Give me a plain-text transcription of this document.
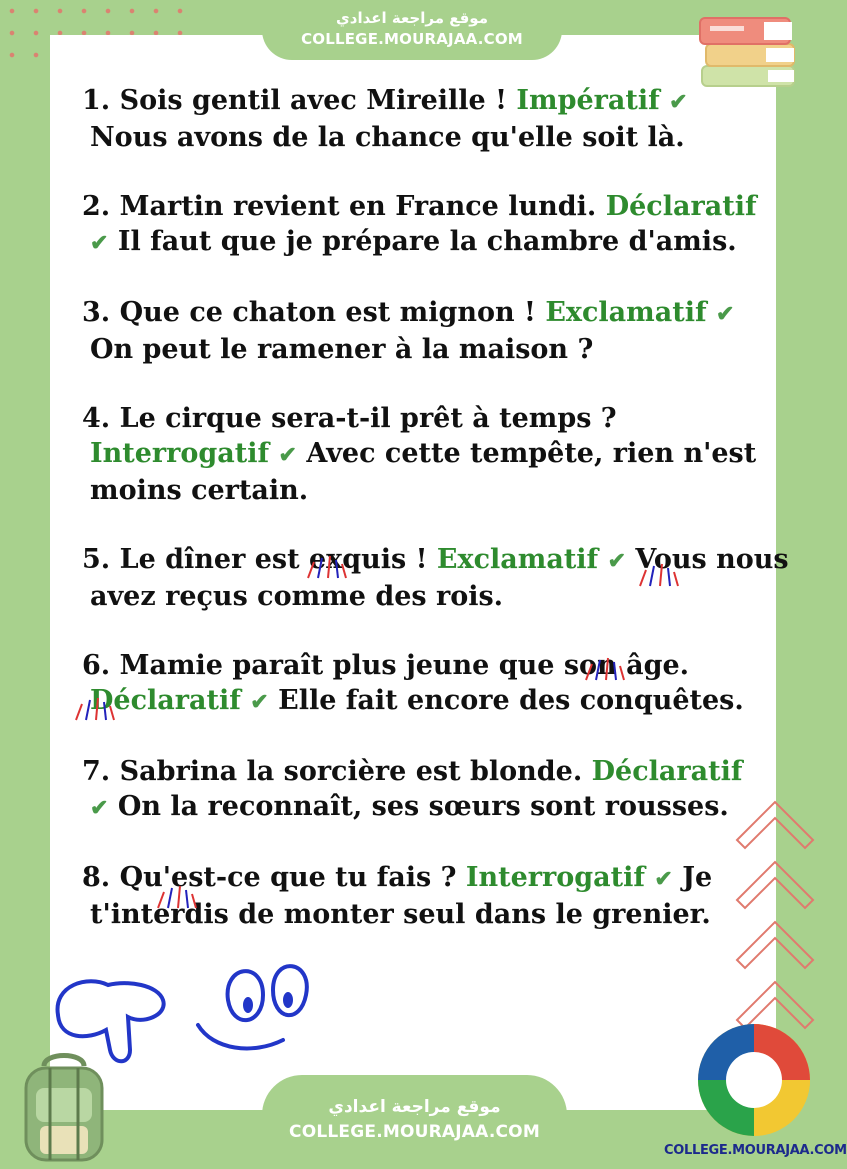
1. Sois gentil avec Mireille ! Impératif ✔
Nous avons de la chance qu'elle soit là.

2. Martin revient en France lundi. Déclaratif
✔ Il faut que je prépare la chambre d'amis.

3. Que ce chaton est mignon ! Exclamatif ✔
On peut le ramener à la maison ?

4. Le cirque sera-t-il prêt à temps ?
Interrogatif ✔ Avec cette tempête, rien n'est moins certain.

5. Le dîner est exquis ! Exclamatif ✔ Vous nous avez reçus comme des rois.

6. Mamie paraît plus jeune que son âge.
Déclaratif ✔ Elle fait encore des conquêtes.

7. Sabrina la sorcière est blonde. Déclaratif
✔ On la reconnaît, ses sœurs sont rousses.

8. Qu'est-ce que tu fais ? Interrogatif ✔ Je t'interdis de monter seul dans le grenier.

موقع مراجعة اعدادي
COLLEGE.MOURAJAA.COM
موقع مراجعة اعدادي
COLLEGE.MOURAJAA.COM
COLLEGE.MOURAJAA.COM
